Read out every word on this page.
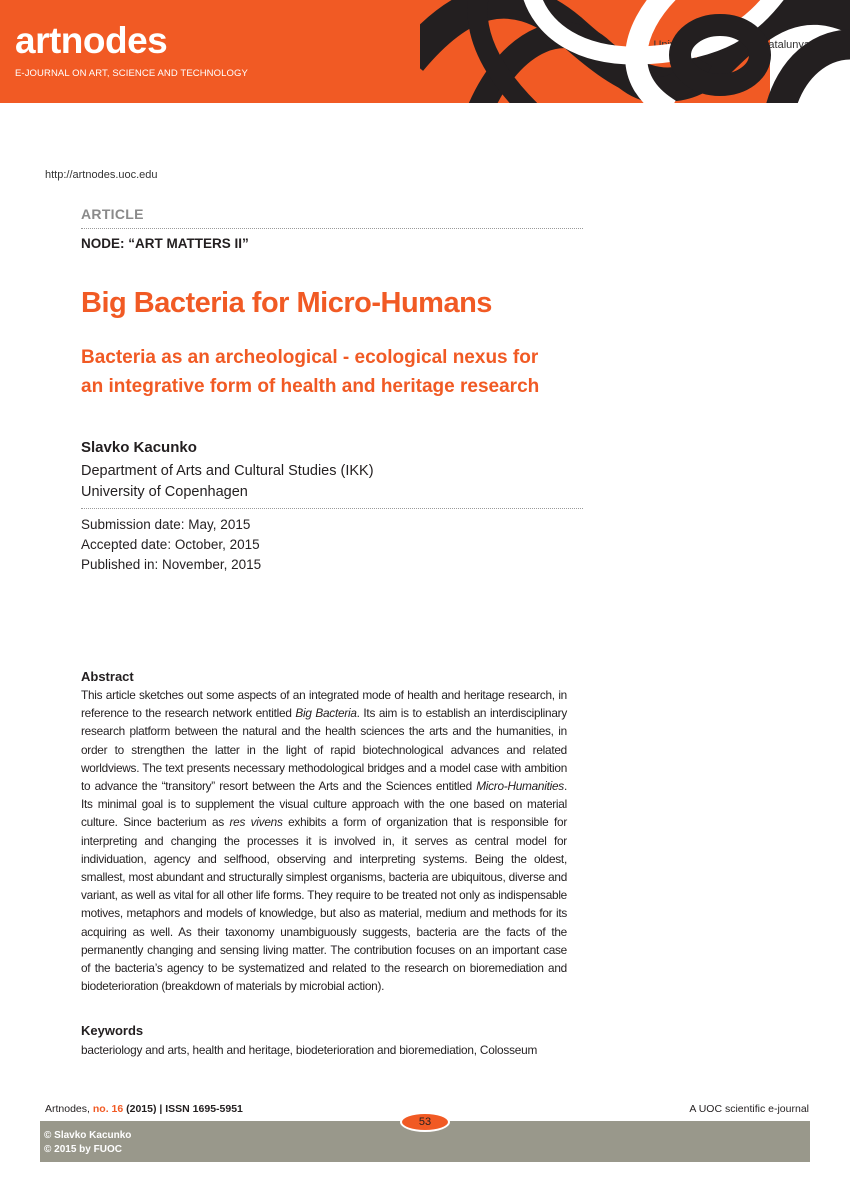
Universitat Oberta de Catalunya
artnodes
E-JOURNAL ON ART, SCIENCE AND TECHNOLOGY
http://artnodes.uoc.edu
ARTICLE
NODE: “ART MATTERS II”
Big Bacteria for Micro-Humans
Bacteria as an archeological - ecological nexus for
an integrative form of health and heritage research
Slavko Kacunko
Department of Arts and Cultural Studies (IKK)
University of Copenhagen
Submission date: May, 2015
Accepted date: October, 2015
Published in: November, 2015
Abstract
This article sketches out some aspects of an integrated mode of health and heritage research, in reference to the research network entitled Big Bacteria. Its aim is to establish an interdisciplinary research platform between the natural and the health sciences the arts and the humanities, in order to strengthen the latter in the light of rapid biotechnological advances and related worldviews. The text presents necessary methodological bridges and a model case with ambition to advance the “transitory” resort between the Arts and the Sciences entitled Micro-Humanities. Its minimal goal is to supplement the visual culture approach with the one based on material culture. Since bacterium as res vivens exhibits a form of organization that is responsible for interpreting and changing the processes it is involved in, it serves as central model for individuation, agency and selfhood, observing and interpreting systems. Being the oldest, smallest, most abundant and structurally simplest organisms, bacteria are ubiquitous, diverse and variant, as well as vital for all other life forms. They require to be treated not only as indispensable motives, metaphors and models of knowledge, but also as material, medium and methods for its acquiring as well. As their taxonomy unambiguously suggests, bacteria are the facts of the permanently changing and sensing living matter. The contribution focuses on an important case of the bacteria’s agency to be systematized and related to the research on bioremediation and biodeterioration (breakdown of materials by microbial action).
Keywords
bacteriology and arts, health and heritage, biodeterioration and bioremediation, Colosseum
Artnodes, no. 16 (2015) | ISSN 1695-5951	A UOC scientific e-journal
© Slavko Kacunko
© 2015 by FUOC
53
